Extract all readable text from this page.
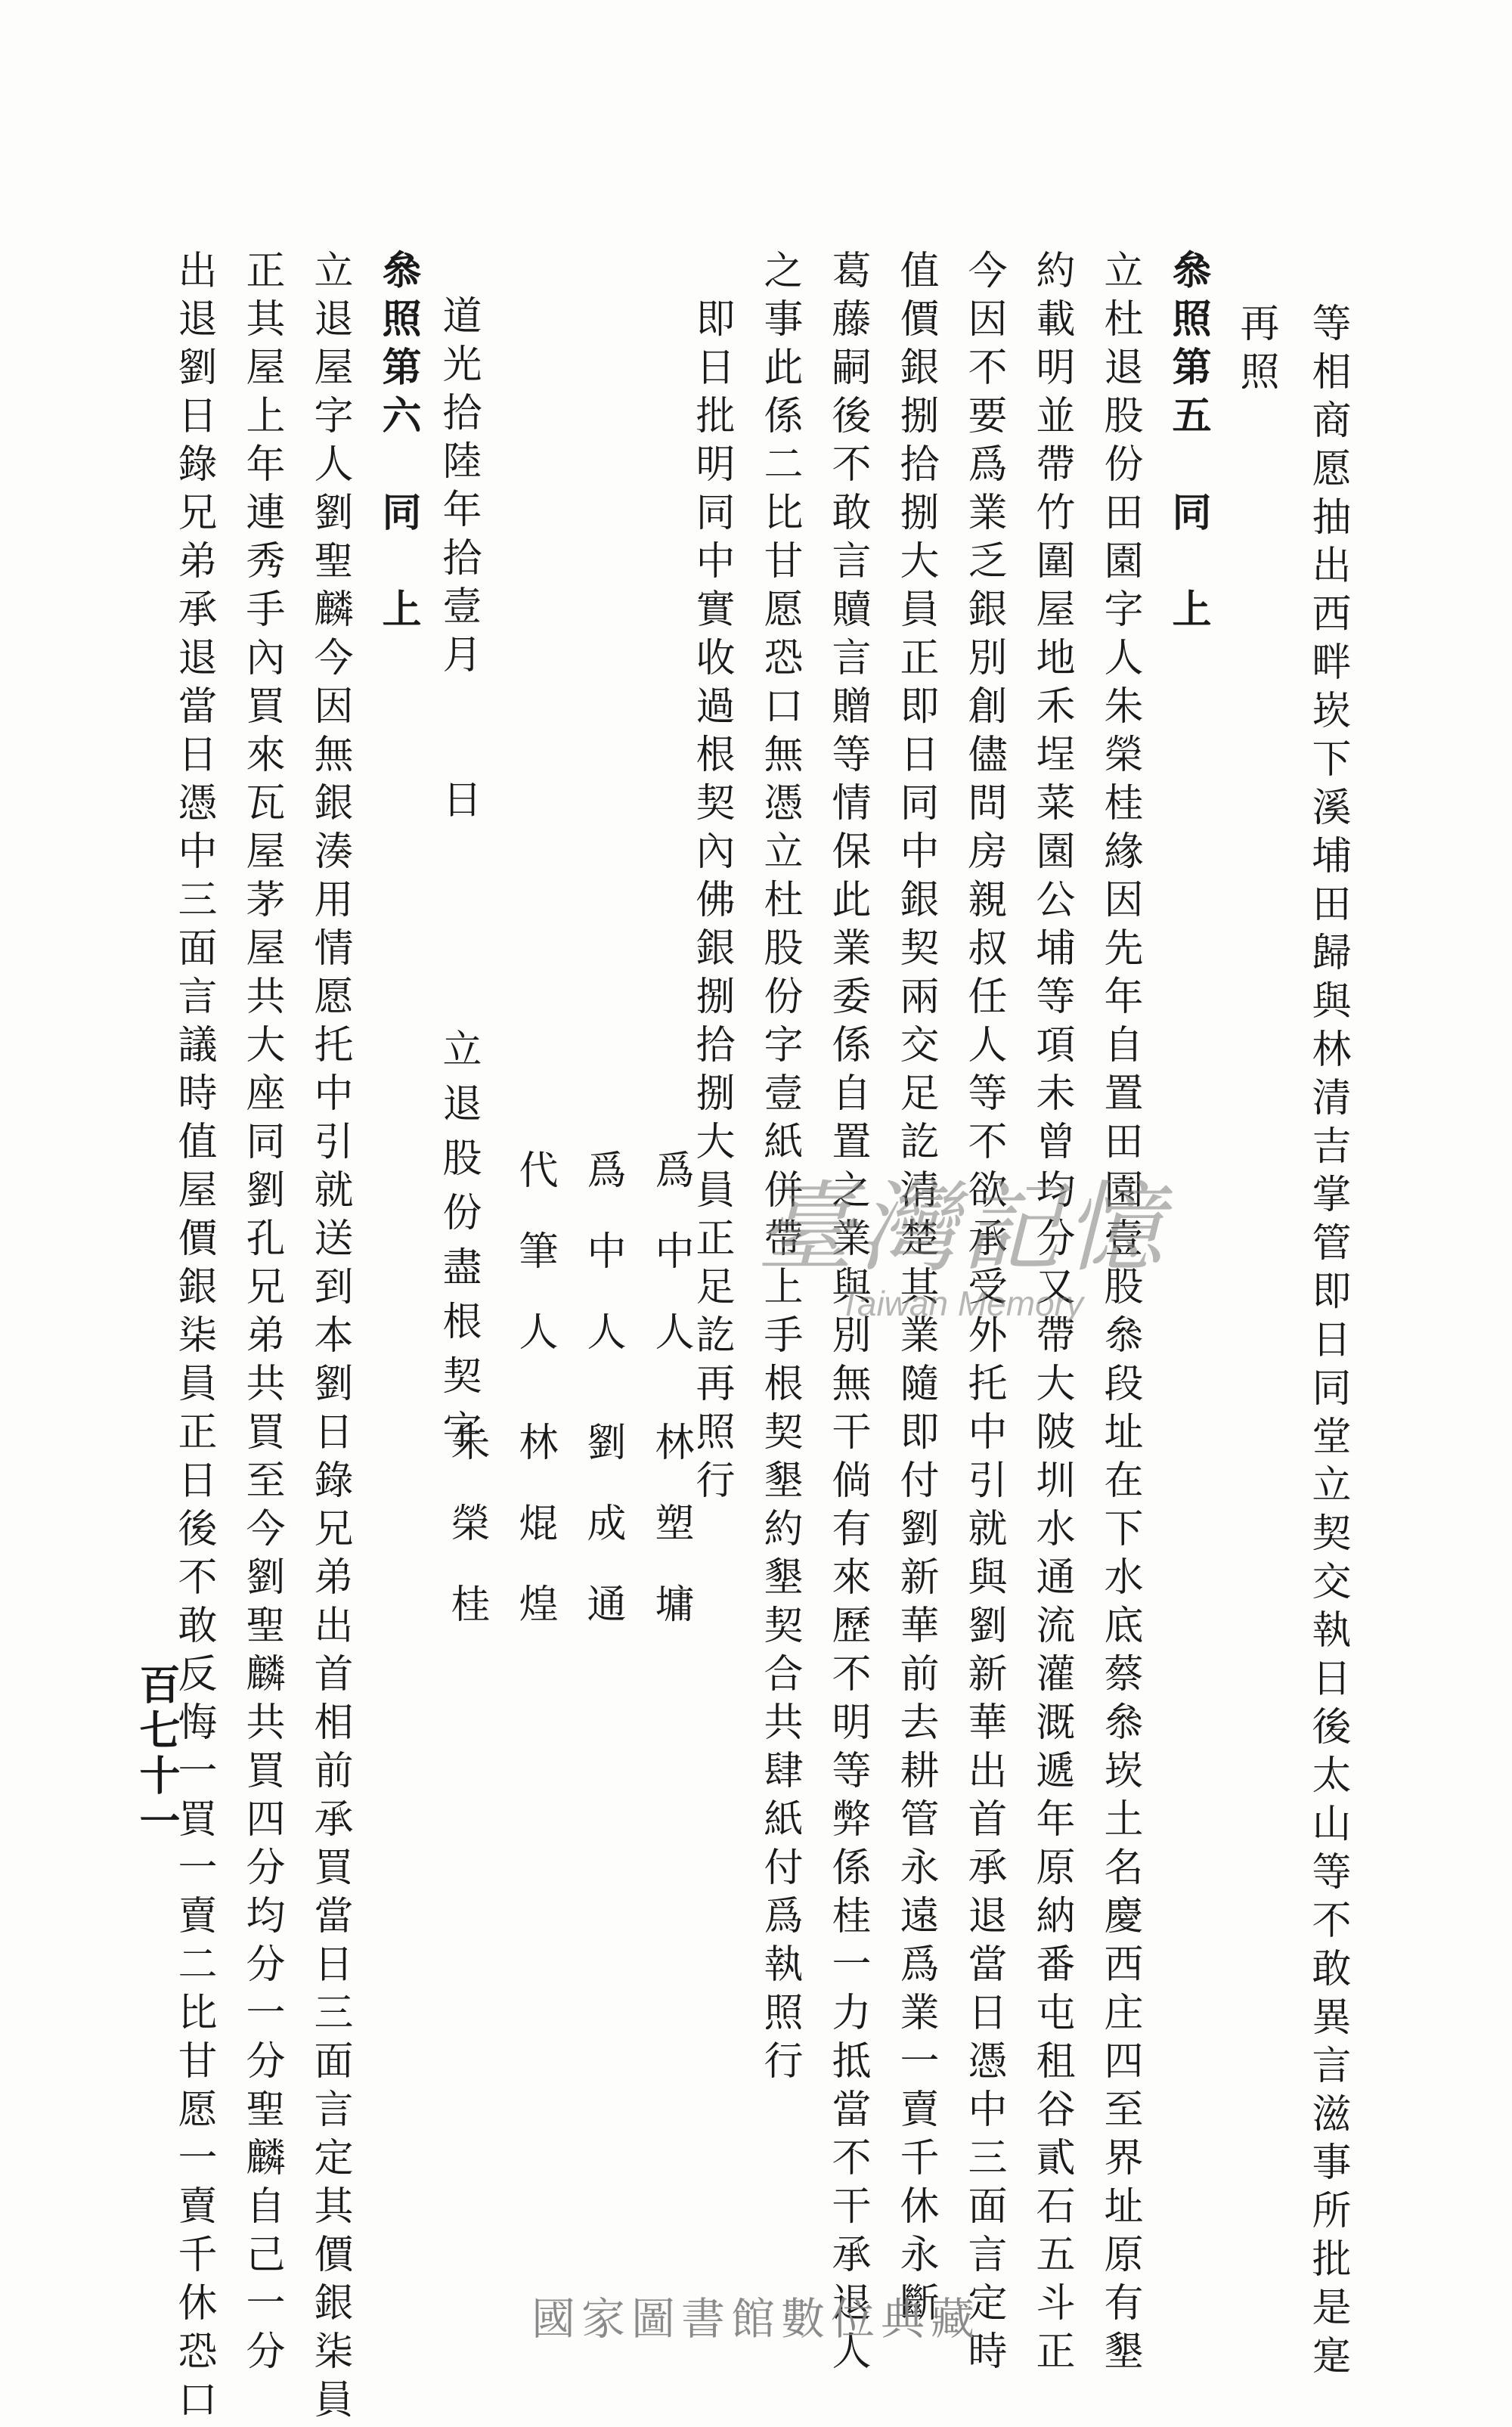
等相商愿抽出西畔崁下溪埔田歸與林清吉掌管即日同堂立契交執日後太山等不敢異言滋事所批是寔
再照
叅照第五　同　上
立杜退股份田園字人朱榮桂緣因先年自置田園壹股叅段址在下水底蔡叅崁土名慶西庄四至界址原有墾
約載明並帶竹圍屋地禾埕菜園公埔等項未曾均分又帶大陂圳水通流灌溉遞年原納番屯租谷貳石五斗正
今因不要爲業乏銀別創儘問房親叔任人等不欲承受外托中引就與劉新華出首承退當日憑中三面言定時
值價銀捌拾捌大員正即日同中銀契兩交足訖清楚其業隨即付劉新華前去耕管永遠爲業一賣千休永斷
葛藤嗣後不敢言贖言贈等情保此業委係自置之業與別無干倘有來歷不明等弊係桂一力抵當不干承退人
之事此係二比甘愿恐口無憑立杜股份字壹紙併帶上手根契墾約墾契合共肆紙付爲執照行
　即日批明同中實收過根契內佛銀捌拾捌大員正足訖再照行
爲中人
林塑墉
爲中人
劉成通
代筆人
林焜煌
道光拾陸年拾壹月　　日
立退股份盡根契字
朱榮桂
叅照第六　同　上
立退屋字人劉聖麟今因無銀湊用情愿托中引就送到本劉日錄兄弟出首相前承買當日三面言定其價銀柒員
正其屋上年連秀手內買來瓦屋茅屋共大座同劉孔兄弟共買至今劉聖麟共買四分均分一分聖麟自己一分
出退劉日錄兄弟承退當日憑中三面言議時值屋價銀柒員正日後不敢反悔一買一賣二比甘愿一賣千休恐口
百七十一
臺灣記憶
Taiwan Memory
國家圖書館數位典藏
